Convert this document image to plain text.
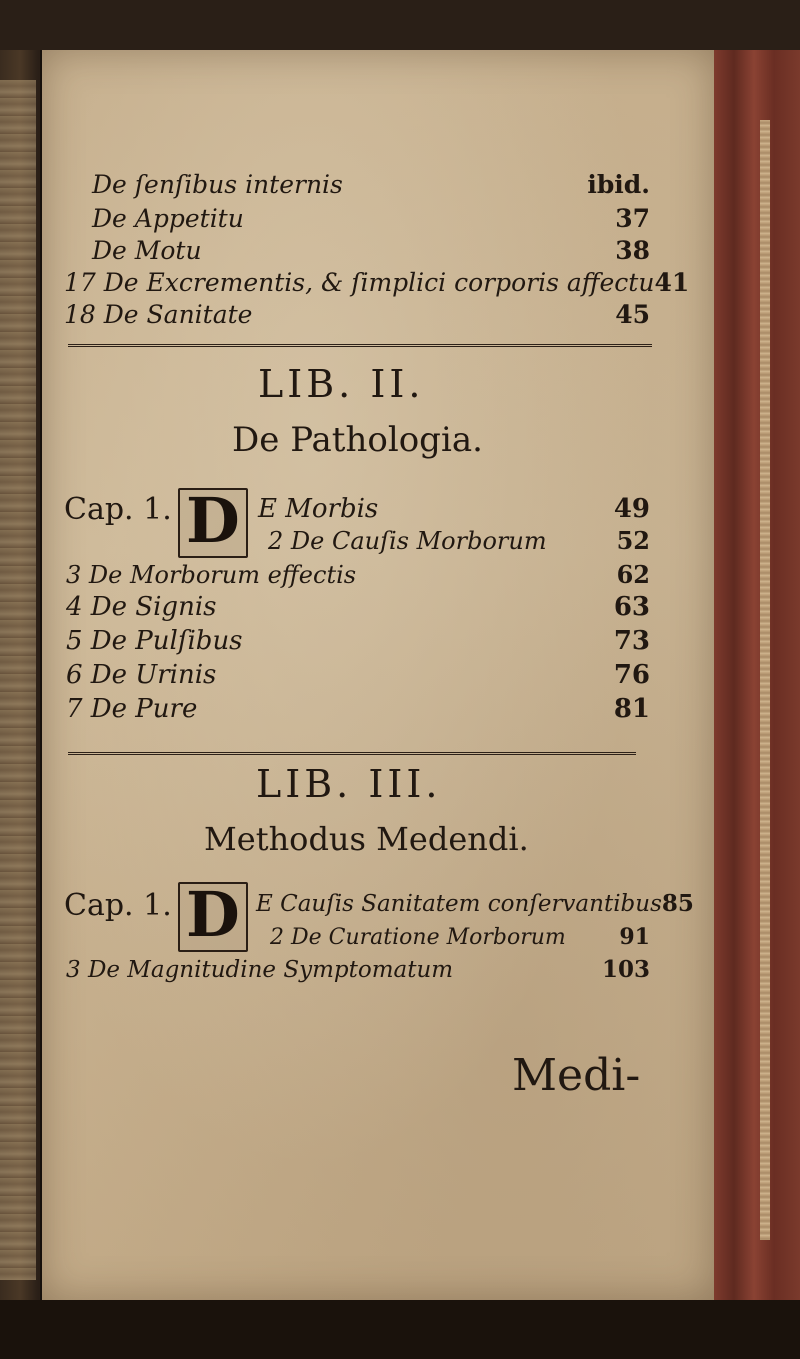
De ſenſibus internis	ibid.
De Appetitu	37
De Motu	38
17 De Excrementis, & ſimplici corporis affectu 41
18 De Sanitate	45
LIB. II.
De Pathologia.
Cap. 1. D E Morbis	49
2 De Cauſis Morborum	52
3 De Morborum effectis	62
4 De Signis	63
5 De Pulſibus	73
6 De Urinis	76
7 De Pure	81
LIB. III.
Methodus Medendi.
Cap. 1. D E Cauſis Sanitatem conſervantibus 85
2 De Curatione Morborum 91
3 De Magnitudine Symptomatum	103
Medi-
